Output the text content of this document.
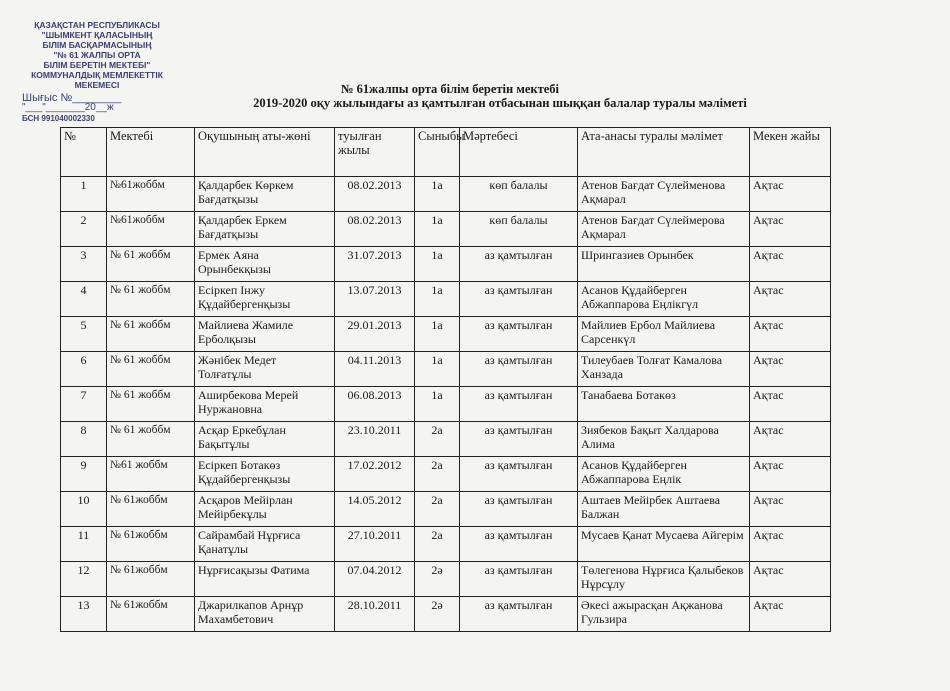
ҚАЗАҚСТАН РЕСПУБЛИКАСЫ
"ШЫМКЕНТ ҚАЛАСЫНЫҢ
БІЛІМ БАСҚАРМАСЫНЫҢ
"№ 61 ЖАЛПЫ ОРТА
БІЛІМ БЕРЕТІН МЕКТЕБІ"
КОММУНАЛДЫҚ МЕМЛЕКЕТТІК
МЕКЕМЕСІ
Шығыс №________
"___"_______20__ж
БСН 991040002330
№ 61жалпы орта білім беретін мектебі
2019-2020 оқу жылындағы аз қамтылған отбасынан шыққан балалар туралы мәліметі
№	Мектебі	Оқушының аты-жөні	туылған жылы	Сыныбы	Мәртебесі	Ата-анасы туралы мәлімет	Мекен жайы
1	№61жоббм	Қалдарбек Көркем Бағдатқызы	08.02.2013	1а	көп балалы	Атенов Бағдат Сүлейменова Ақмарал	Ақтас
2	№61жоббм	Қалдарбек Еркем Бағдатқызы	08.02.2013	1а	көп балалы	Атенов Бағдат Сүлеймерова Ақмарал	Ақтас
3	№ 61 жоббм	Ермек Аяна Орынбекқызы	31.07.2013	1а	аз қамтылған	Шрингазиев Орынбек	Ақтас
4	№ 61 жоббм	Есіркеп Інжу Құдайбергенқызы	13.07.2013	1а	аз қамтылған	Асанов Құдайберген Абжаппарова Еңлікгүл	Ақтас
5	№ 61 жоббм	Майлиева Жамиле Ерболқызы	29.01.2013	1а	аз қамтылған	Майлиев Ербол Майлиева Сарсенкүл	Ақтас
6	№ 61 жоббм	Жәнібек Медет Толғатұлы	04.11.2013	1а	аз қамтылған	Тилеубаев Толғат Камалова Ханзада	Ақтас
7	№ 61 жоббм	Аширбекова Мерей Нуржановна	06.08.2013	1а	аз қамтылған	Танабаева Ботакөз	Ақтас
8	№ 61 жоббм	Асқар Еркебұлан Бақытұлы	23.10.2011	2а	аз қамтылған	Зиябеков Бақыт Халдарова Алима	Ақтас
9	№61 жоббм	Есіркеп Ботакөз Құдайбергенқызы	17.02.2012	2а	аз қамтылған	Асанов Құдайберген Абжаппарова Еңлік	Ақтас
10	№ 61жоббм	Асқаров Мейірлан Мейірбекұлы	14.05.2012	2а	аз қамтылған	Аштаев Мейірбек Аштаева Балжан	Ақтас
11	№ 61жоббм	Сайрамбай Нұрғиса Қанатұлы	27.10.2011	2а	аз қамтылған	Мусаев Қанат Мусаева Айгерім	Ақтас
12	№ 61жоббм	Нұрғисақызы Фатима	07.04.2012	2ә	аз қамтылған	Төлегенова Нұрғиса Қалыбеков Нұрсұлу	Ақтас
13	№ 61жоббм	Джарилкапов Арнұр Махамбетович	28.10.2011	2ә	аз қамтылған	Әкесі ажырасқан Ақжанова Гульзира	Ақтас
